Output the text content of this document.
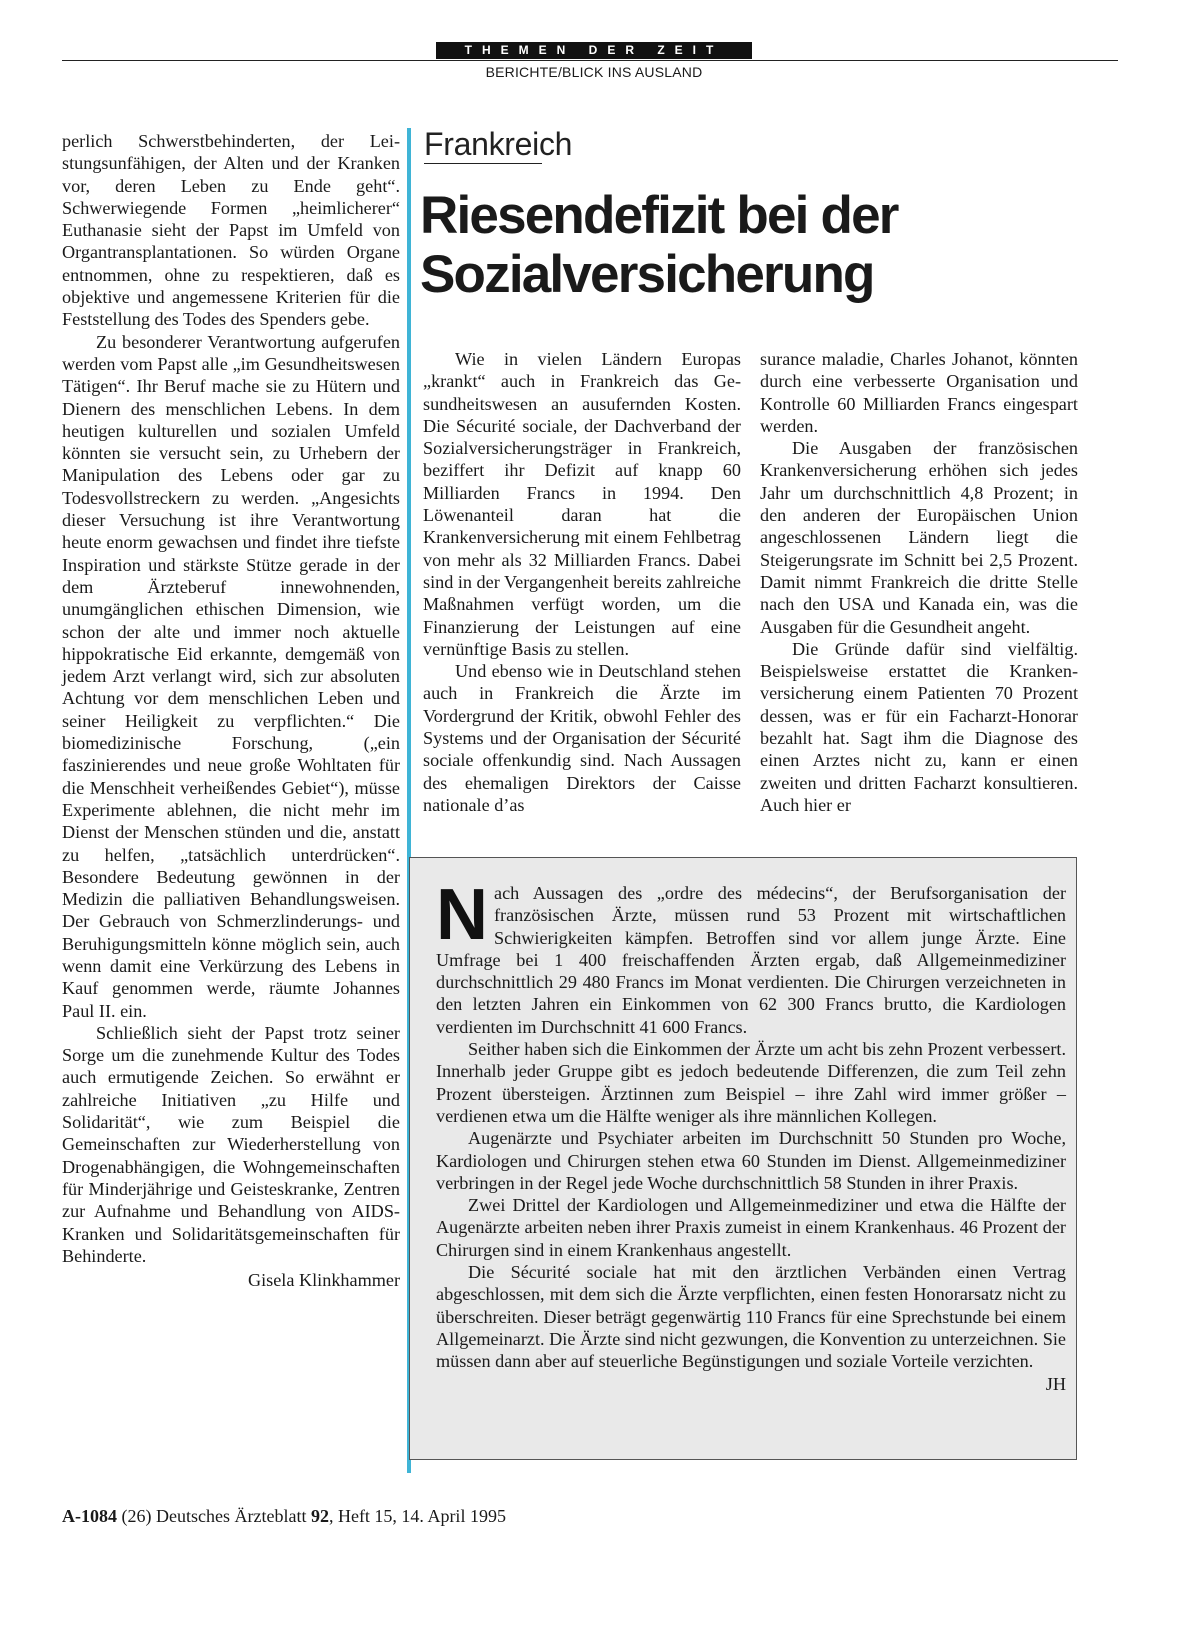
THEMEN DER ZEIT
BERICHTE/BLICK INS AUSLAND

perlich Schwerstbehinderten, der Leistungsunfähigen, der Alten und der Kranken vor, deren Leben zu Ende geht“. Schwerwiegende Formen „heimlicherer“ Euthanasie sieht der Papst im Umfeld von Organtransplantationen. So würden Organe entnommen, ohne zu respektieren, daß es objektive und angemessene Kriterien für die Feststellung des Todes des Spenders gebe.

Zu besonderer Verantwortung aufgerufen werden vom Papst alle „im Gesundheitswesen Tätigen“. Ihr Beruf mache sie zu Hütern und Dienern des menschlichen Lebens. In dem heutigen kulturellen und sozialen Umfeld könnten sie versucht sein, zu Urhebern der Manipulation des Lebens oder gar zu Todesvollstreckern zu werden. „Angesichts dieser Versuchung ist ihre Verantwortung heute enorm gewachsen und findet ihre tiefste Inspiration und stärkste Stütze gerade in der dem Ärzteberuf innewohnenden, unumgänglichen ethischen Dimension, wie schon der alte und immer noch aktuelle hippokratische Eid erkannte, demgemäß von jedem Arzt verlangt wird, sich zur absoluten Achtung vor dem menschlichen Leben und seiner Heiligkeit zu verpflichten.“ Die biomedizinische Forschung, („ein faszinierendes und neue große Wohltaten für die Menschheit verheißendes Gebiet“), müsse Experimente ablehnen, die nicht mehr im Dienst der Menschen stünden und die, anstatt zu helfen, „tatsächlich unterdrücken“. Besondere Bedeutung gewönnen in der Medizin die palliativen Behandlungsweisen. Der Gebrauch von Schmerzlinderungs- und Beruhigungsmitteln könne möglich sein, auch wenn damit eine Verkürzung des Lebens in Kauf genommen werde, räumte Johannes Paul II. ein.

Schließlich sieht der Papst trotz seiner Sorge um die zunehmende Kultur des Todes auch ermutigende Zeichen. So erwähnt er zahlreiche Initiativen „zu Hilfe und Solidarität“, wie zum Beispiel die Gemeinschaften zur Wiederherstellung von Drogenabhängigen, die Wohngemeinschaften für Minderjährige und Geisteskranke, Zentren zur Aufnahme und Behandlung von AIDS-Kranken und Solidaritätsgemeinschaften für Behinderte.

Gisela Klinkhammer

Frankreich
Riesendefizit bei der
Sozialversicherung

Wie in vielen Ländern Europas „krankt“ auch in Frankreich das Gesundheitswesen an ausufernden Kosten. Die Sécurité sociale, der Dachverband der Sozialversicherungsträger in Frankreich, beziffert ihr Defizit auf knapp 60 Milliarden Francs in 1994. Den Löwenanteil daran hat die Krankenversicherung mit einem Fehlbetrag von mehr als 32 Milliarden Francs. Dabei sind in der Vergangenheit bereits zahlreiche Maßnahmen verfügt worden, um die Finanzierung der Leistungen auf eine vernünftige Basis zu stellen.

Und ebenso wie in Deutschland stehen auch in Frankreich die Ärzte im Vordergrund der Kritik, obwohl Fehler des Systems und der Organisation der Sécurité sociale offenkundig sind. Nach Aussagen des ehemaligen Direktors der Caisse nationale d’as

surance maladie, Charles Johanot, könnten durch eine verbesserte Organisation und Kontrolle 60 Milliarden Francs eingespart werden.

Die Ausgaben der französischen Krankenversicherung erhöhen sich jedes Jahr um durchschnittlich 4,8 Prozent; in den anderen der Europäischen Union angeschlossenen Ländern liegt die Steigerungsrate im Schnitt bei 2,5 Prozent. Damit nimmt Frankreich die dritte Stelle nach den USA und Kanada ein, was die Ausgaben für die Gesundheit angeht.

Die Gründe dafür sind vielfältig. Beispielsweise erstattet die Krankenversicherung einem Patienten 70 Prozent dessen, was er für ein Facharzt-Honorar bezahlt hat. Sagt ihm die Diagnose des einen Arztes nicht zu, kann er einen zweiten und dritten Facharzt konsultieren. Auch hier er

Nach Aussagen des „ordre des médecins“, der Berufsorganisation der französischen Ärzte, müssen rund 53 Prozent mit wirtschaftlichen Schwierigkeiten kämpfen. Betroffen sind vor allem junge Ärzte. Eine Umfrage bei 1 400 freischaffenden Ärzten ergab, daß Allgemeinmediziner durchschnittlich 29 480 Francs im Monat verdienten. Die Chirurgen verzeichneten in den letzten Jahren ein Einkommen von 62 300 Francs brutto, die Kardiologen verdienten im Durchschnitt 41 600 Francs.

Seither haben sich die Einkommen der Ärzte um acht bis zehn Prozent verbessert. Innerhalb jeder Gruppe gibt es jedoch bedeutende Differenzen, die zum Teil zehn Prozent übersteigen. Ärztinnen zum Beispiel – ihre Zahl wird immer größer – verdienen etwa um die Hälfte weniger als ihre männlichen Kollegen.

Augenärzte und Psychiater arbeiten im Durchschnitt 50 Stunden pro Woche, Kardiologen und Chirurgen stehen etwa 60 Stunden im Dienst. Allgemeinmediziner verbringen in der Regel jede Woche durchschnittlich 58 Stunden in ihrer Praxis.

Zwei Drittel der Kardiologen und Allgemeinmediziner und etwa die Hälfte der Augenärzte arbeiten neben ihrer Praxis zumeist in einem Krankenhaus. 46 Prozent der Chirurgen sind in einem Krankenhaus angestellt.

Die Sécurité sociale hat mit den ärztlichen Verbänden einen Vertrag abgeschlossen, mit dem sich die Ärzte verpflichten, einen festen Honorarsatz nicht zu überschreiten. Dieser beträgt gegenwärtig 110 Francs für eine Sprechstunde bei einem Allgemeinarzt. Die Ärzte sind nicht gezwungen, die Konvention zu unterzeichnen. Sie müssen dann aber auf steuerliche Begünstigungen und soziale Vorteile verzichten.
JH

A-1084 (26) Deutsches Ärzteblatt 92, Heft 15, 14. April 1995
